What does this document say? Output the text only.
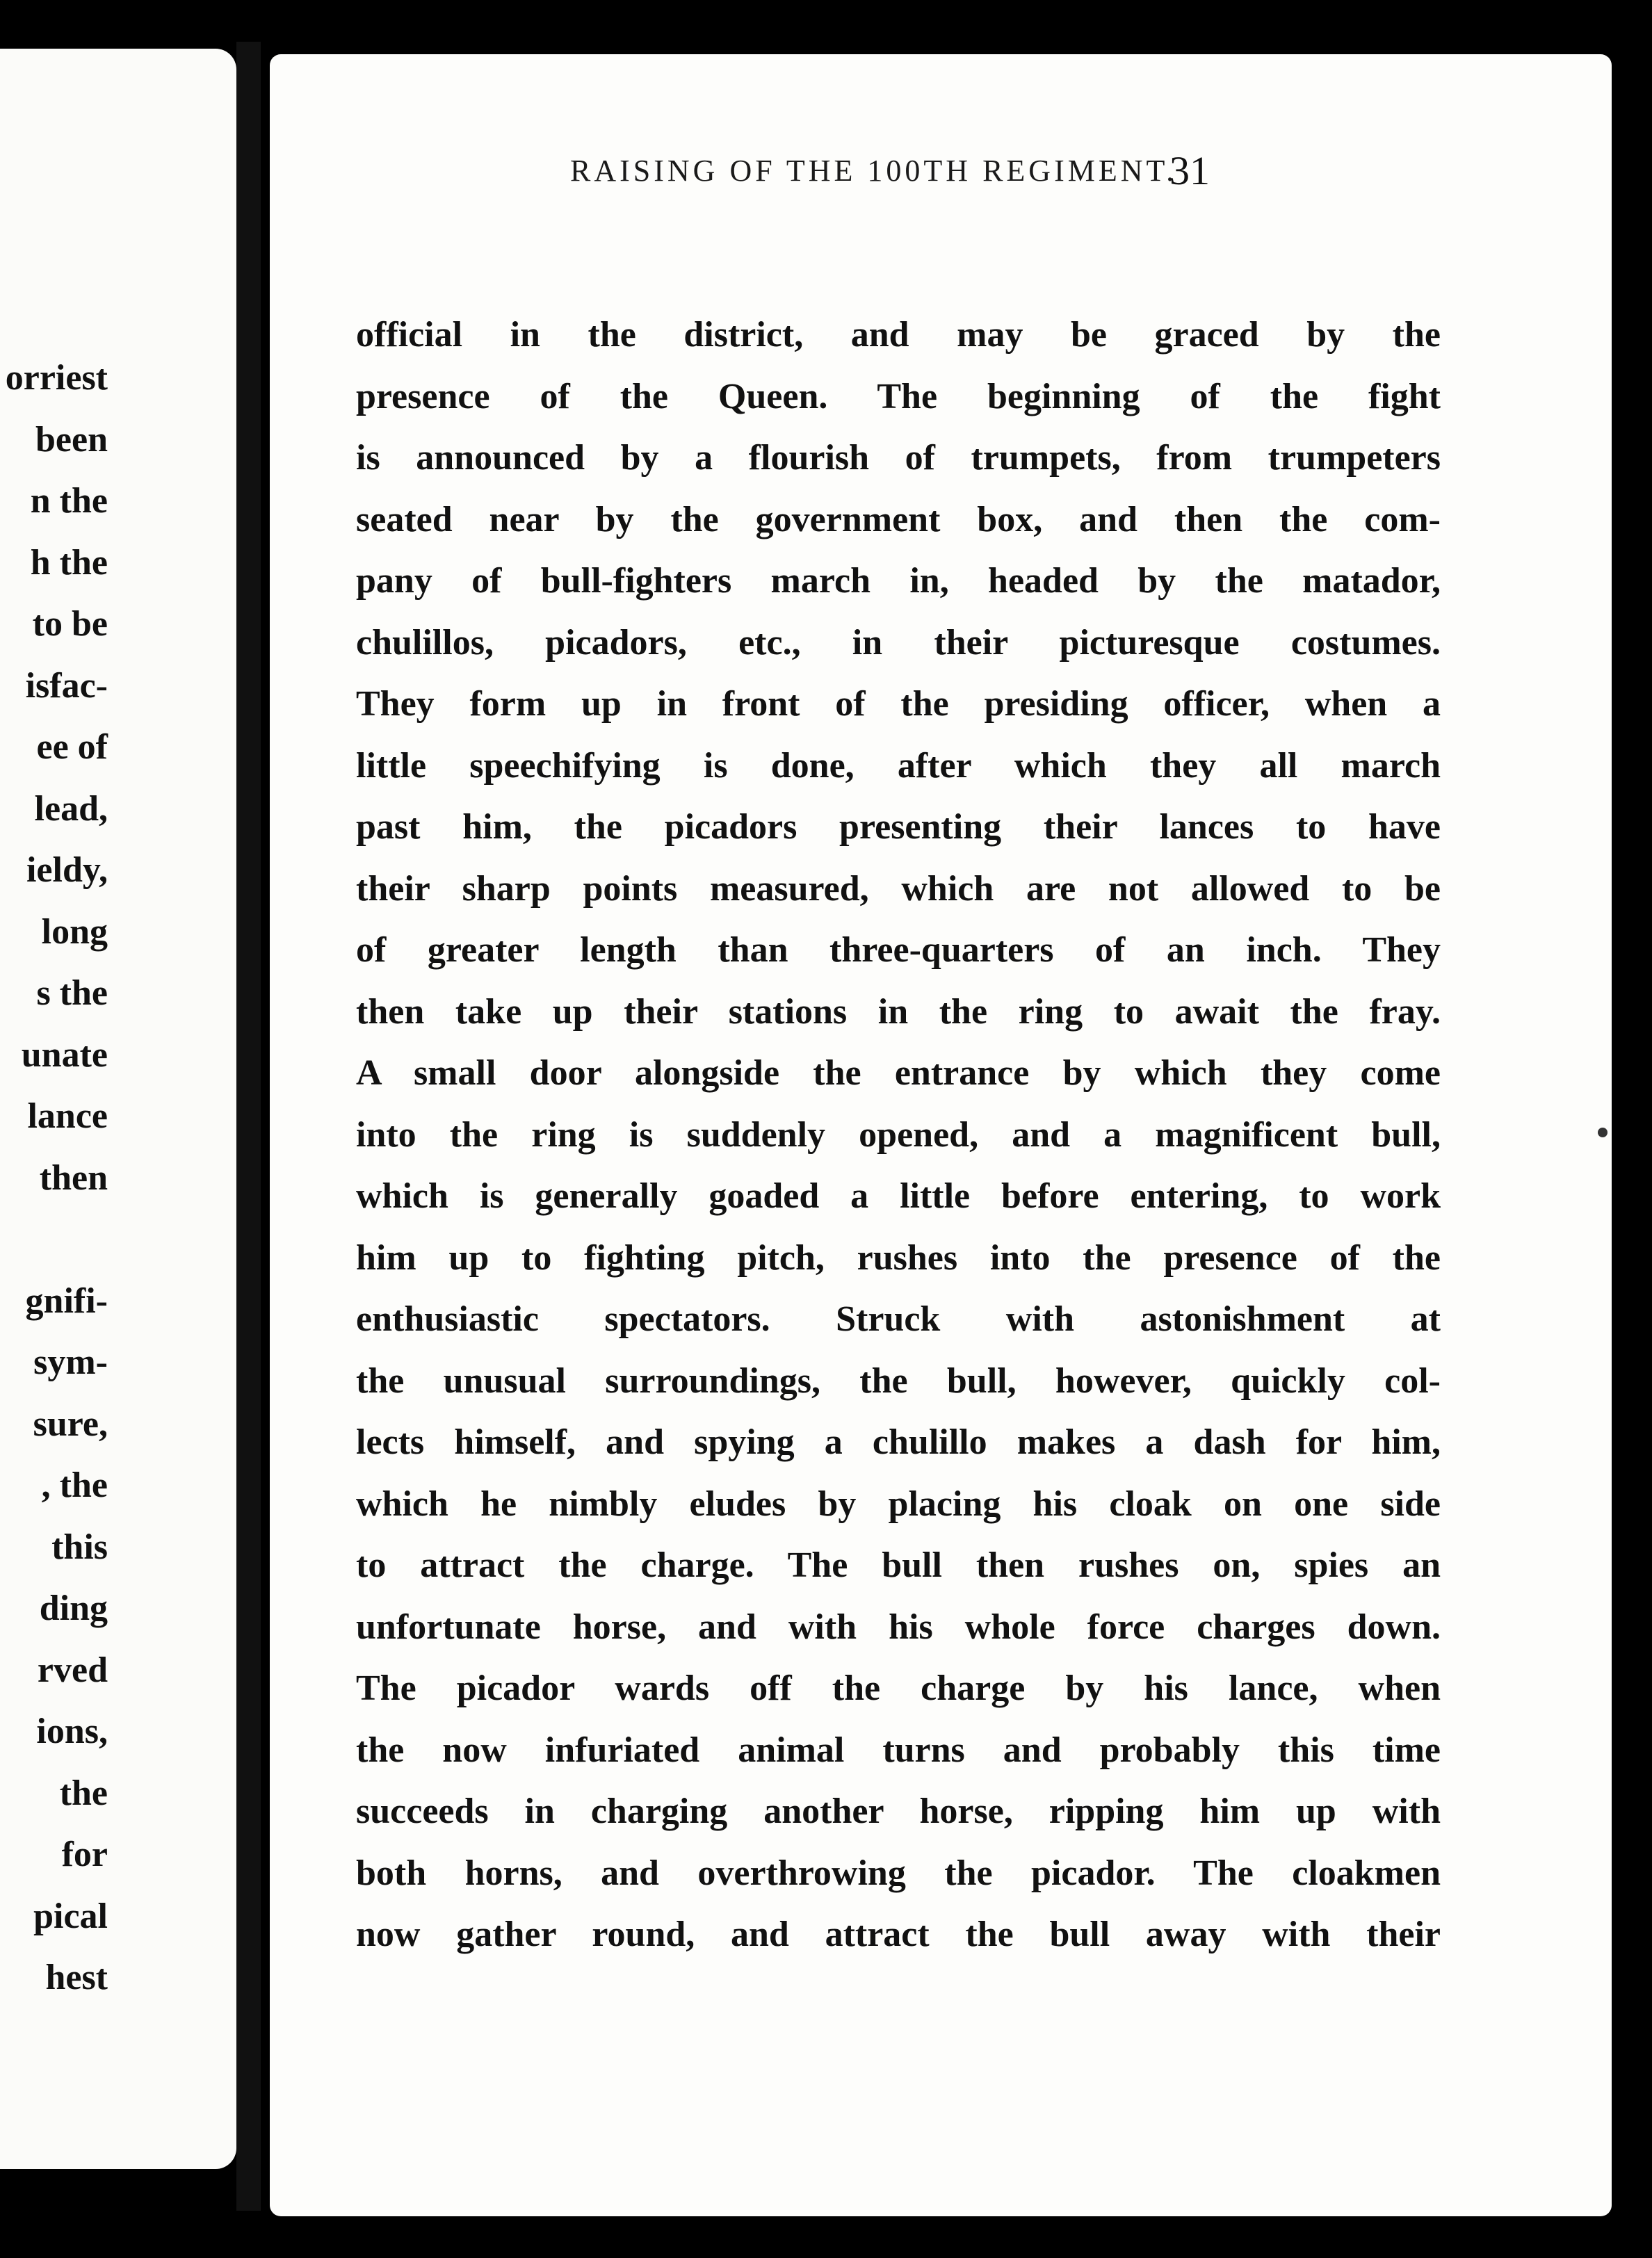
orriest
been
n the
h the
to be
isfac-
ee of
lead,
ieldy,
long
s the
unate
lance
then
gnifi-
sym-
sure,
, the
this
ding
rved
ions,
the
for
pical
hest
RAISING OF THE 100TH REGIMENT.
31
official in the district, and may be graced by the
presence of the Queen. The beginning of the fight
is announced by a flourish of trumpets, from trumpeters
seated near by the government box, and then the com-
pany of bull-fighters march in, headed by the matador,
chulillos, picadors, etc., in their picturesque costumes.
They form up in front of the presiding officer, when a
little speechifying is done, after which they all march
past him, the picadors presenting their lances to have
their sharp points measured, which are not allowed to be
of greater length than three-quarters of an inch. They
then take up their stations in the ring to await the fray.
A small door alongside the entrance by which they come
into the ring is suddenly opened, and a magnificent bull,
which is generally goaded a little before entering, to work
him up to fighting pitch, rushes into the presence of the
enthusiastic spectators. Struck with astonishment at
the unusual surroundings, the bull, however, quickly col-
lects himself, and spying a chulillo makes a dash for him,
which he nimbly eludes by placing his cloak on one side
to attract the charge. The bull then rushes on, spies an
unfortunate horse, and with his whole force charges down.
The picador wards off the charge by his lance, when
the now infuriated animal turns and probably this time
succeeds in charging another horse, ripping him up with
both horns, and overthrowing the picador. The cloakmen
now gather round, and attract the bull away with their
